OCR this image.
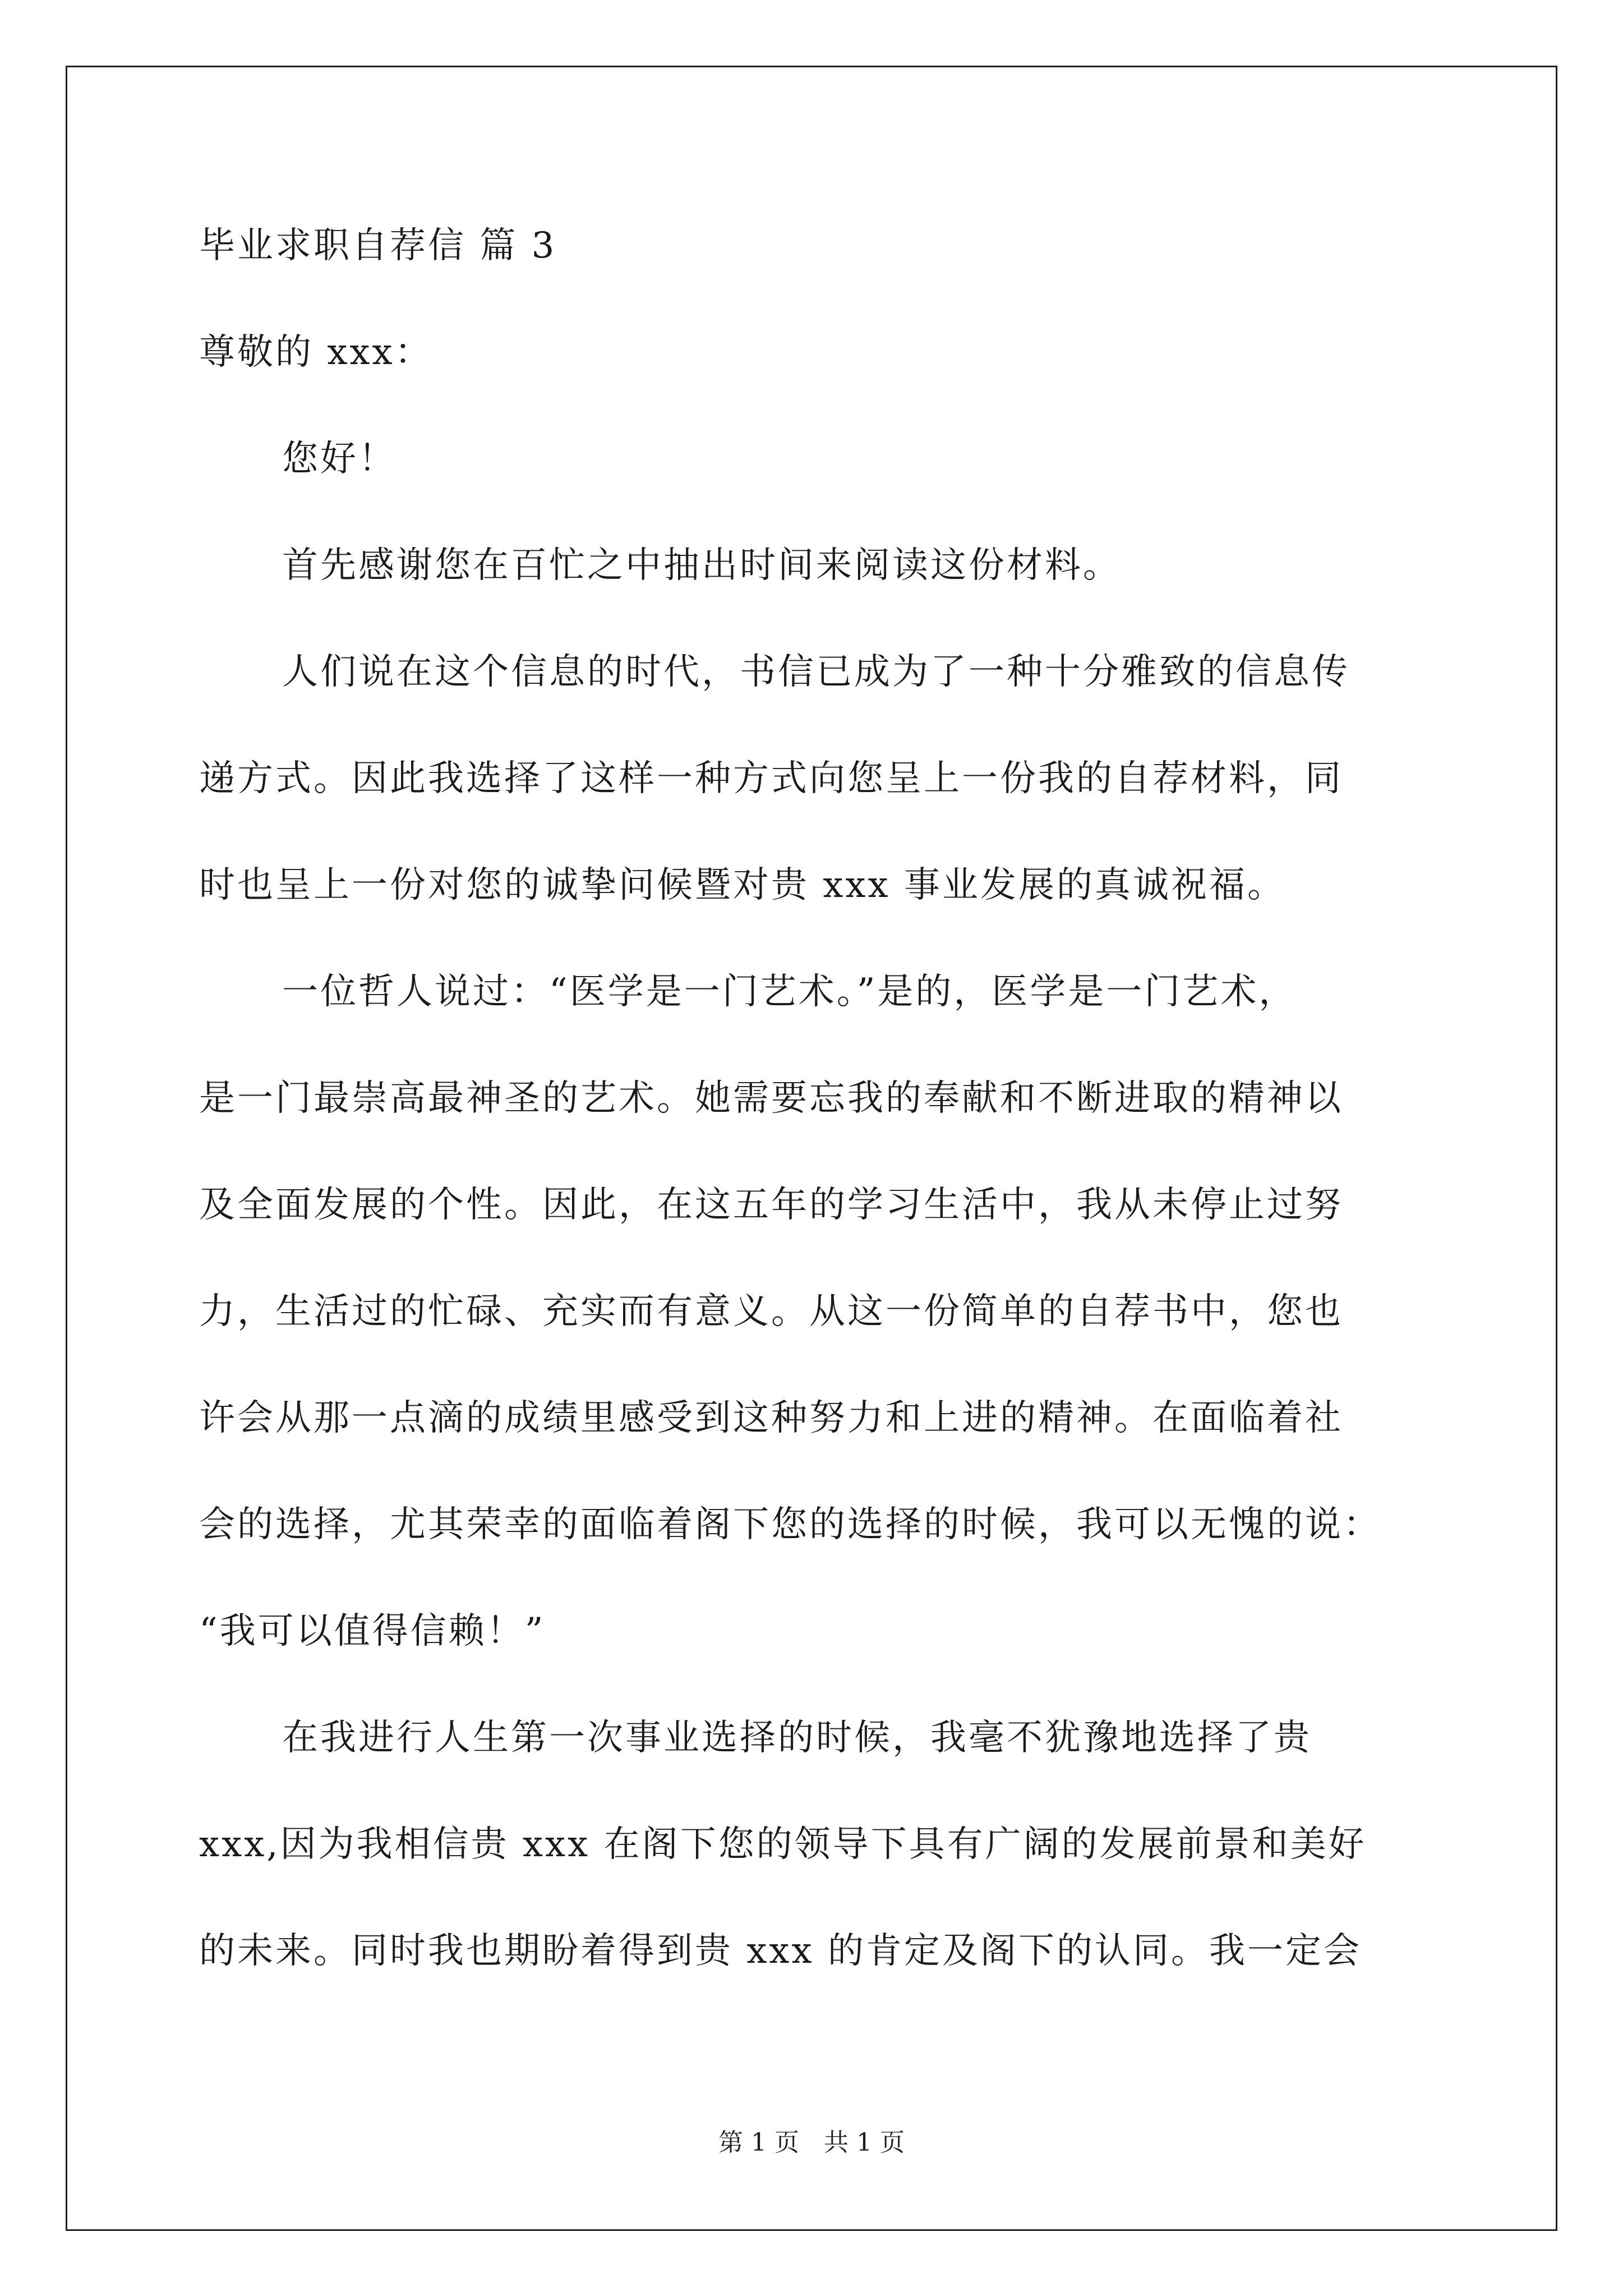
毕业求职自荐信 篇 3
尊敬的 xxx：
您好！
首先感谢您在百忙之中抽出时间来阅读这份材料。
人们说在这个信息的时代，书信已成为了一种十分雅致的信息传
递方式。因此我选择了这样一种方式向您呈上一份我的自荐材料，同
时也呈上一份对您的诚挚问候暨对贵 xxx 事业发展的真诚祝福。
一位哲人说过：“医学是一门艺术。”是的，医学是一门艺术，
是一门最崇高最神圣的艺术。她需要忘我的奉献和不断进取的精神以
及全面发展的个性。因此，在这五年的学习生活中，我从未停止过努
力，生活过的忙碌、充实而有意义。从这一份简单的自荐书中，您也
许会从那一点滴的成绩里感受到这种努力和上进的精神。在面临着社
会的选择，尤其荣幸的面临着阁下您的选择的时候，我可以无愧的说：
“我可以值得信赖！”
在我进行人生第一次事业选择的时候，我毫不犹豫地选择了贵
xxx,因为我相信贵 xxx 在阁下您的领导下具有广阔的发展前景和美好
的未来。同时我也期盼着得到贵 xxx 的肯定及阁下的认同。我一定会
第 1 页　共 1 页
